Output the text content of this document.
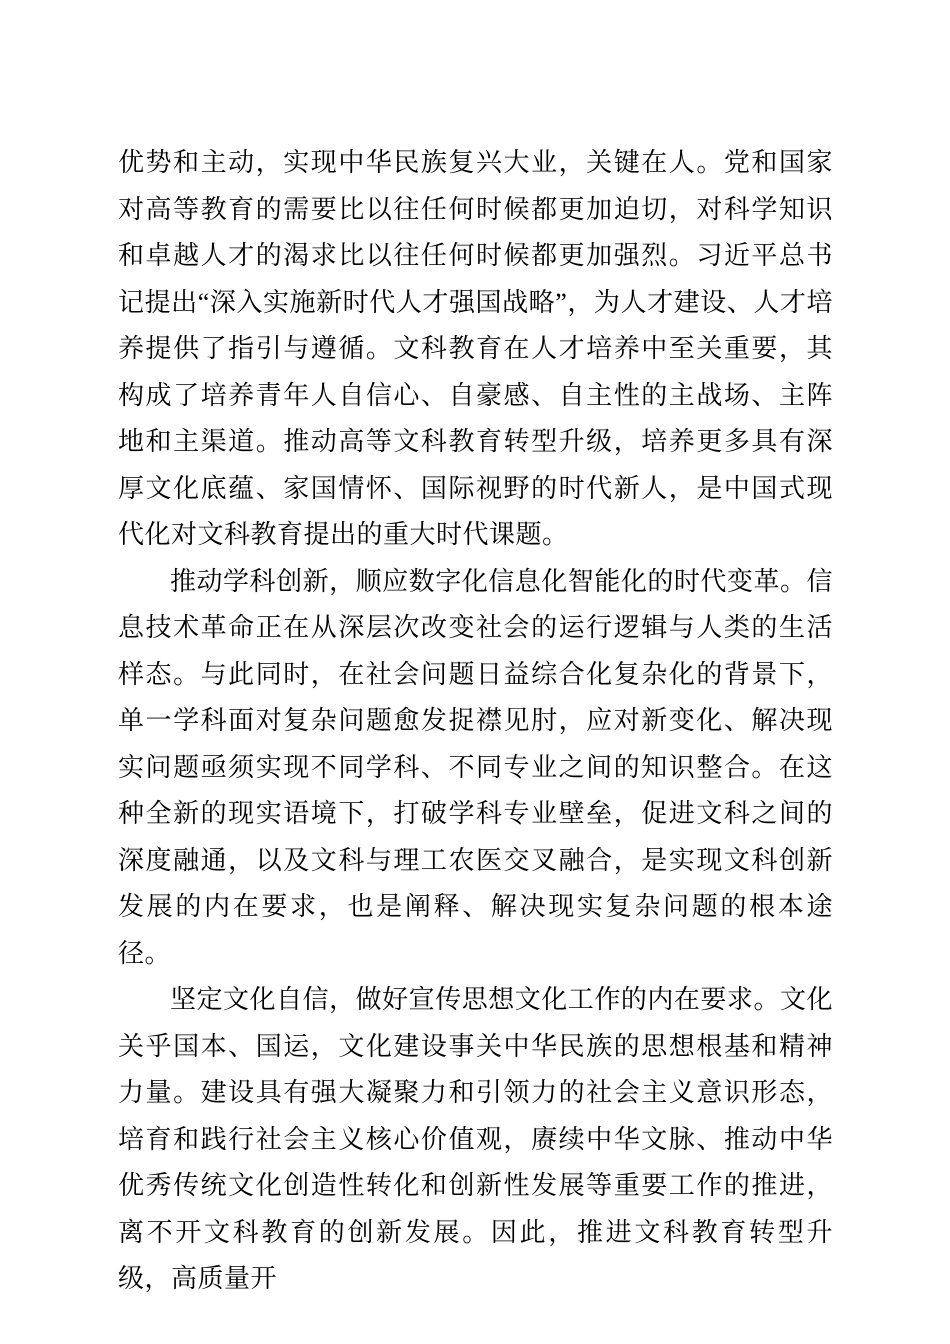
优势和主动，实现中华民族复兴大业，关键在人。党和国家对高等教育的需要比以往任何时候都更加迫切，对科学知识和卓越人才的渴求比以往任何时候都更加强烈。习近平总书记提出“深入实施新时代人才强国战略”，为人才建设、人才培养提供了指引与遵循。文科教育在人才培养中至关重要，其构成了培养青年人自信心、自豪感、自主性的主战场、主阵地和主渠道。推动高等文科教育转型升级，培养更多具有深厚文化底蕴、家国情怀、国际视野的时代新人，是中国式现代化对文科教育提出的重大时代课题。

推动学科创新，顺应数字化信息化智能化的时代变革。信息技术革命正在从深层次改变社会的运行逻辑与人类的生活样态。与此同时，在社会问题日益综合化复杂化的背景下，单一学科面对复杂问题愈发捉襟见肘，应对新变化、解决现实问题亟须实现不同学科、不同专业之间的知识整合。在这种全新的现实语境下，打破学科专业壁垒，促进文科之间的深度融通，以及文科与理工农医交叉融合，是实现文科创新发展的内在要求，也是阐释、解决现实复杂问题的根本途径。

坚定文化自信，做好宣传思想文化工作的内在要求。文化关乎国本、国运，文化建设事关中华民族的思想根基和精神力量。建设具有强大凝聚力和引领力的社会主义意识形态，培育和践行社会主义核心价值观，赓续中华文脉、推动中华优秀传统文化创造性转化和创新性发展等重要工作的推进，离不开文科教育的创新发展。因此，推进文科教育转型升级，高质量开
